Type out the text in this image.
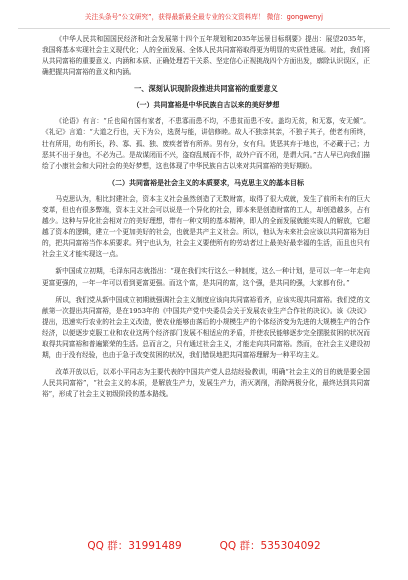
关注头条号“公文研究”，获得最新最全最专业的公文资料库！ 微信：gongwenyj

《中华人民共和国国民经济和社会发展第十四个五年规划和2035年远景目标纲要》提出：展望2035年，我国将基本实现社会主义现代化；人的全面发展、全体人民共同富裕取得更为明显的实质性进展。对此，我们将从共同富裕的重要意义、内涵和本质、正确处理若干关系、坚定信心正视挑战四个方面出发，廓除认识误区，正确把握共同富裕的意义和内涵。

一、深刻认识现阶段推进共同富裕的重要意义
（一）共同富裕是中华民族自古以来的美好梦想

《论语》有言：“丘也闻有国有家者，不患寡而患不均，不患贫而患不安。盖均无贫，和无寡，安无倾”。《礼记》言道：“大道之行也，天下为公，选贤与能，讲信修睦。故人不独亲其亲，不独子其子，使老有所终，壮有所用，幼有所长，矜、寡、孤、独、废疾者皆有所养。男有分，女有归。货恶其弃于地也，不必藏于己；力恶其不出于身也，不必为己。是故谋闭而不兴，盗窃乱贼而不作，故外户而不闭，是谓大同。”古人早已向我们描绘了小康社会和大同社会的美好梦想，这也体现了中华民族自古以来对共同富裕的美好期盼。

（二）共同富裕是社会主义的本质要求，马克思主义的基本目标

马克思认为，相比封建社会，资本主义社会虽然创造了无数财富，取得了很大成就，发生了前所未有的巨大变革，但也有很多弊端，资本主义社会可以说是一个异化的社会，即本来是创造财富的工人，却创造越多，占有越少。这种与异化社会相对立的美好理想，带有一种文明的基本精神，即人的全面发展就能实现人的解放，它超越了资本的逻辑，建立一个更加美好的社会，也就是共产主义社会。所以，他认为未来社会应该以共同富裕为目的，把共同富裕当作本质要求。列宁也认为，社会主义要使所有的劳动者过上最美好最幸福的生活，而且也只有社会主义才能实现这一点。

新中国成立初期，毛泽东同志就指出：“现在我们实行这么一种制度，这么一种计划，是可以一年一年走向更富更强的，一年一年可以看到更富更强。而这个富，是共同的富，这个强，是共同的强，大家都有份。”

所以，我们党从新中国成立初期就强调社会主义制度应该向共同富裕看齐，应该实现共同富裕。我们党的文献第一次提出共同富裕，是在1953年的《中国共产党中央委员会关于发展农业生产合作社的决议》。该《决议》提出，迅速实行农业的社会主义改造，使农业能够由落后的小规模生产的个体经济变为先进的大规模生产的合作经济，以便逐步克服工业和农业这两个经济部门发展不相适应的矛盾，并使农民能够逐步完全摆脱贫困的状况而取得共同富裕和普遍繁荣的生活。总而言之，只有通过社会主义，才能走向共同富裕。然而，在社会主义建设初期，由于没有经验，也由于急于改变贫困的状况，我们错误地把共同富裕理解为一种平均主义。

改革开放以后，以邓小平同志为主要代表的中国共产党人总结经验教训，明确“社会主义的目的就是要全国人民共同富裕”，“社会主义的本质，是解放生产力，发展生产力，消灭剥削，消除两极分化，最终达到共同富裕”，形成了社会主义初级阶段的基本路线。

QQ 群：31991489	QQ 群：535304092
